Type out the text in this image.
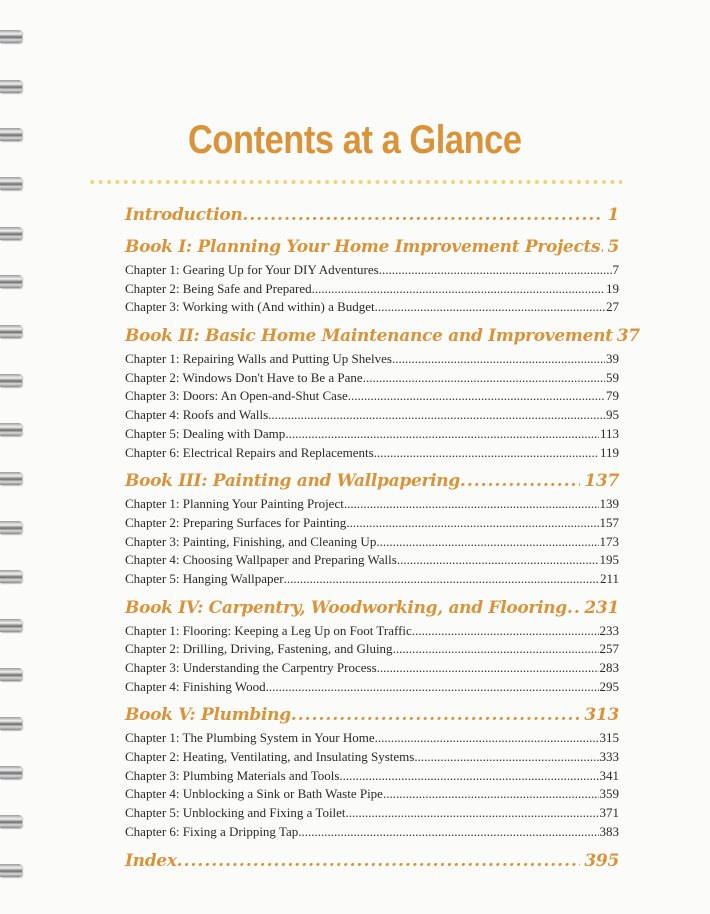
Contents at a Glance
Introduction .....	1
Book I: Planning Your Home Improvement Projects ..... 5
Chapter 1: Gearing Up for Your DIY Adventures .....	7
Chapter 2: Being Safe and Prepared .....	19
Chapter 3: Working with (And within) a Budget .....	27
Book II: Basic Home Maintenance and Improvement 37
Chapter 1: Repairing Walls and Putting Up Shelves .....	39
Chapter 2: Windows Don't Have to Be a Pane .....	59
Chapter 3: Doors: An Open-and-Shut Case .....	79
Chapter 4: Roofs and Walls .....	95
Chapter 5: Dealing with Damp .....	113
Chapter 6: Electrical Repairs and Replacements .....	119
Book III: Painting and Wallpapering .....	137
Chapter 1: Planning Your Painting Project .....	139
Chapter 2: Preparing Surfaces for Painting .....	157
Chapter 3: Painting, Finishing, and Cleaning Up .....	173
Chapter 4: Choosing Wallpaper and Preparing Walls .....	195
Chapter 5: Hanging Wallpaper .....	211
Book IV: Carpentry, Woodworking, and Flooring ..... 231
Chapter 1: Flooring: Keeping a Leg Up on Foot Traffic .....	233
Chapter 2: Drilling, Driving, Fastening, and Gluing .....	257
Chapter 3: Understanding the Carpentry Process .....	283
Chapter 4: Finishing Wood .....	295
Book V: Plumbing .....	313
Chapter 1: The Plumbing System in Your Home .....	315
Chapter 2: Heating, Ventilating, and Insulating Systems .....	333
Chapter 3: Plumbing Materials and Tools .....	341
Chapter 4: Unblocking a Sink or Bath Waste Pipe .....	359
Chapter 5: Unblocking and Fixing a Toilet .....	371
Chapter 6: Fixing a Dripping Tap .....	383
Index .....	395
